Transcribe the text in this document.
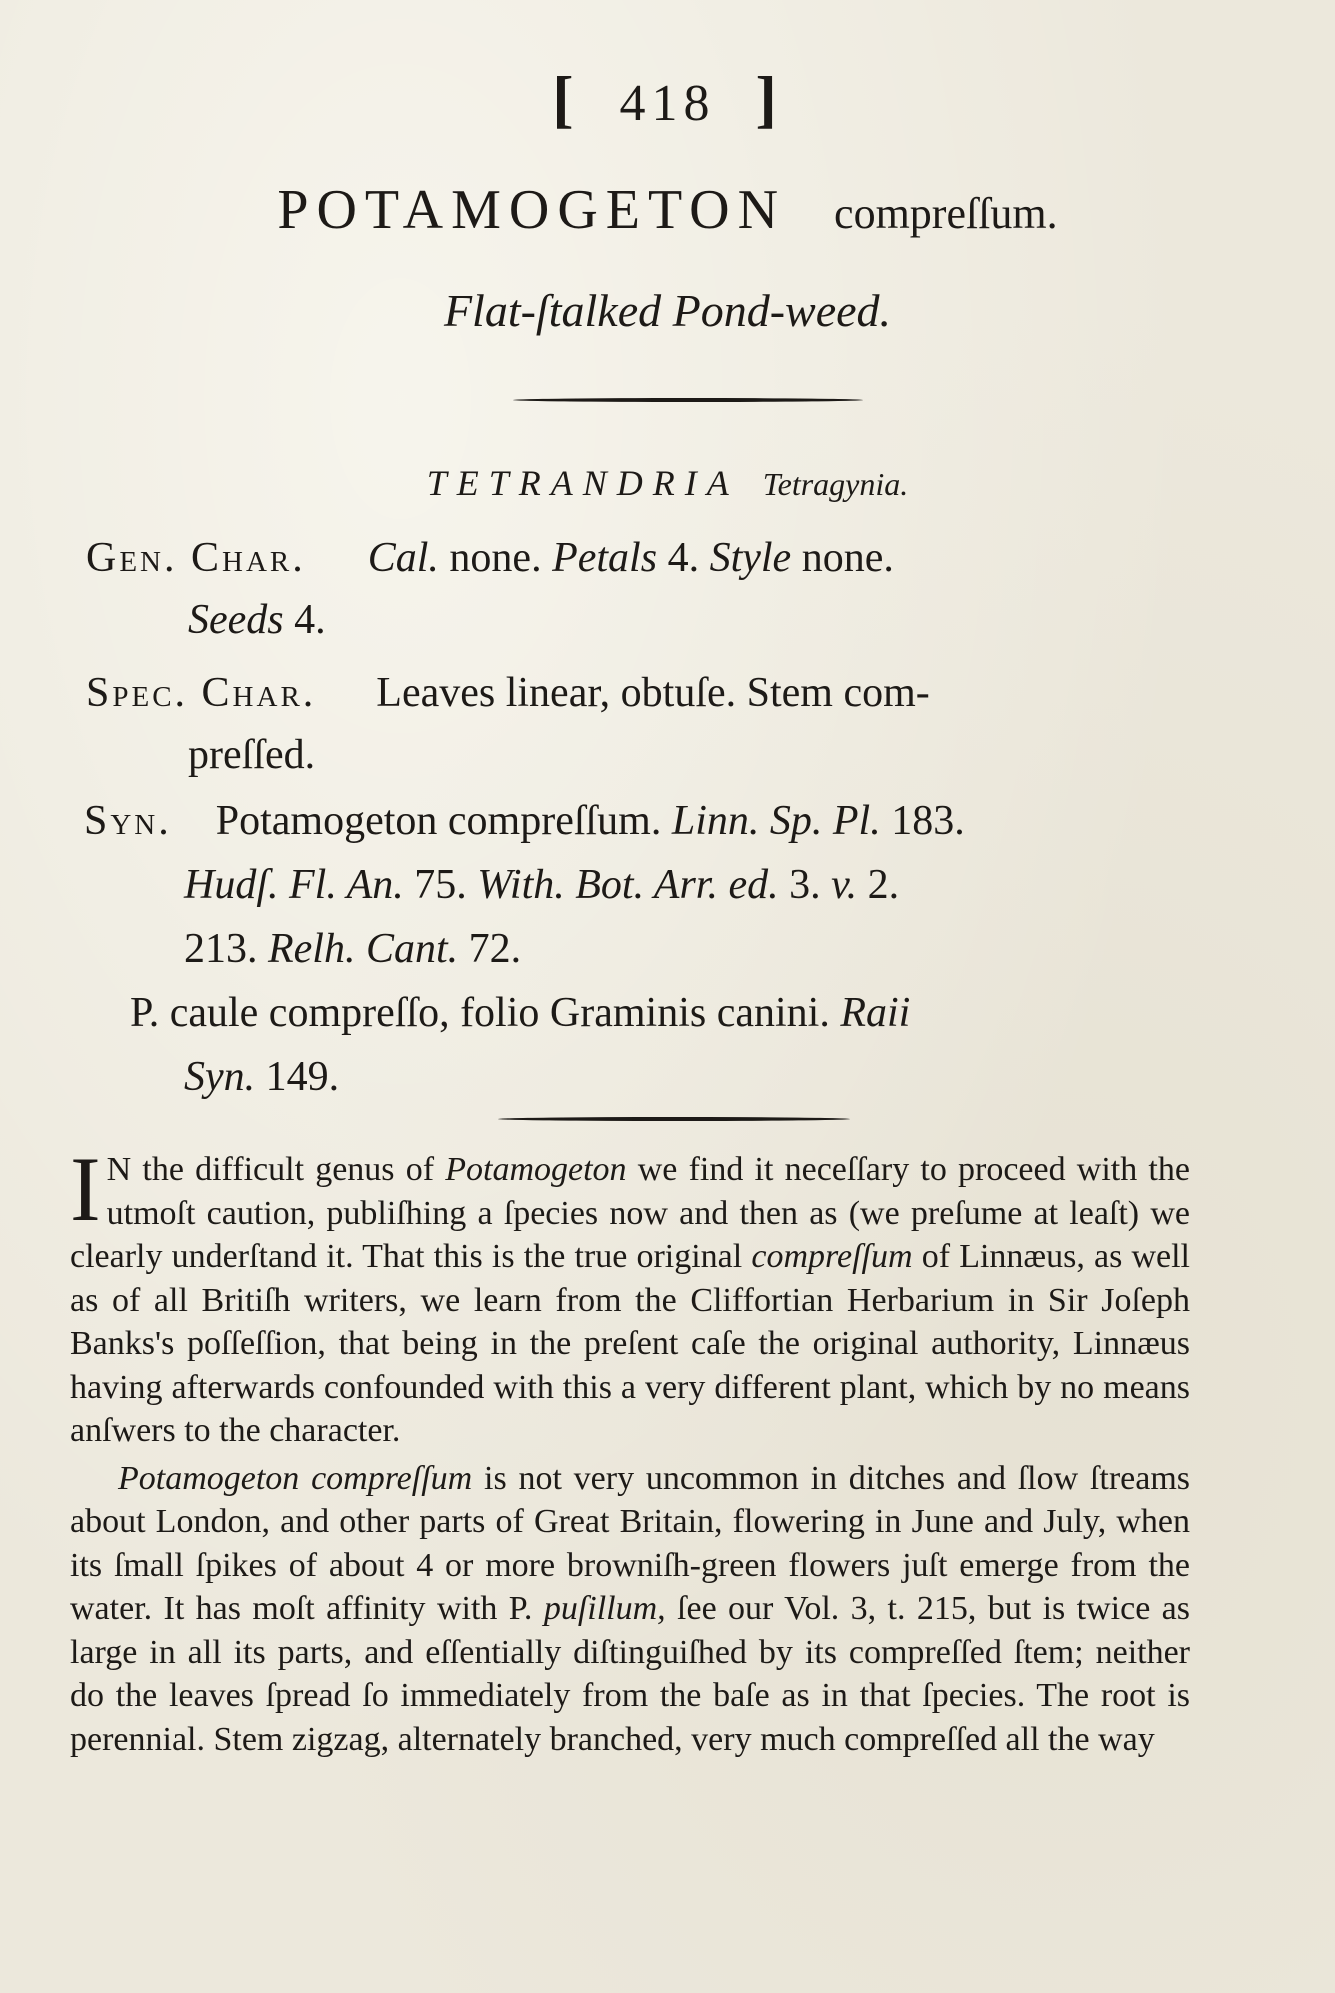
[ 418 ]
POTAMOGETON compreſſum.
Flat-ſtalked Pond-weed.
TETRANDRIA Tetragynia.
Gen. Char. Cal. none. Petals 4. Style none.
Seeds 4.
Spec. Char. Leaves linear, obtuſe. Stem com-
preſſed.
Syn. Potamogeton compreſſum. Linn. Sp. Pl. 183.
Hudſ. Fl. An. 75. With. Bot. Arr. ed. 3. v. 2.
213. Relh. Cant. 72.
P. caule compreſſo, folio Graminis canini. Raii
Syn. 149.

I N the difficult genus of Potamogeton we find it neceſſary to proceed with the utmoſt caution, publiſhing a ſpecies now and then as (we preſume at leaſt) we clearly underſtand it. That this is the true original compreſſum of Linnæus, as well as of all Britiſh writers, we learn from the Cliffortian Herbarium in Sir Joſeph Banks's poſſeſſion, that being in the preſent caſe the original authority, Linnæus having afterwards confounded with this a very different plant, which by no means anſwers to the character.

Potamogeton compreſſum is not very uncommon in ditches and ſlow ſtreams about London, and other parts of Great Britain, flowering in June and July, when its ſmall ſpikes of about 4 or more browniſh-green flowers juſt emerge from the water. It has moſt affinity with P. puſillum, ſee our Vol. 3, t. 215, but is twice as large in all its parts, and eſſentially diſtinguiſhed by its compreſſed ſtem; neither do the leaves ſpread ſo immediately from the baſe as in that ſpecies. The root is perennial. Stem zigzag, alternately branched, very much compreſſed all the way
